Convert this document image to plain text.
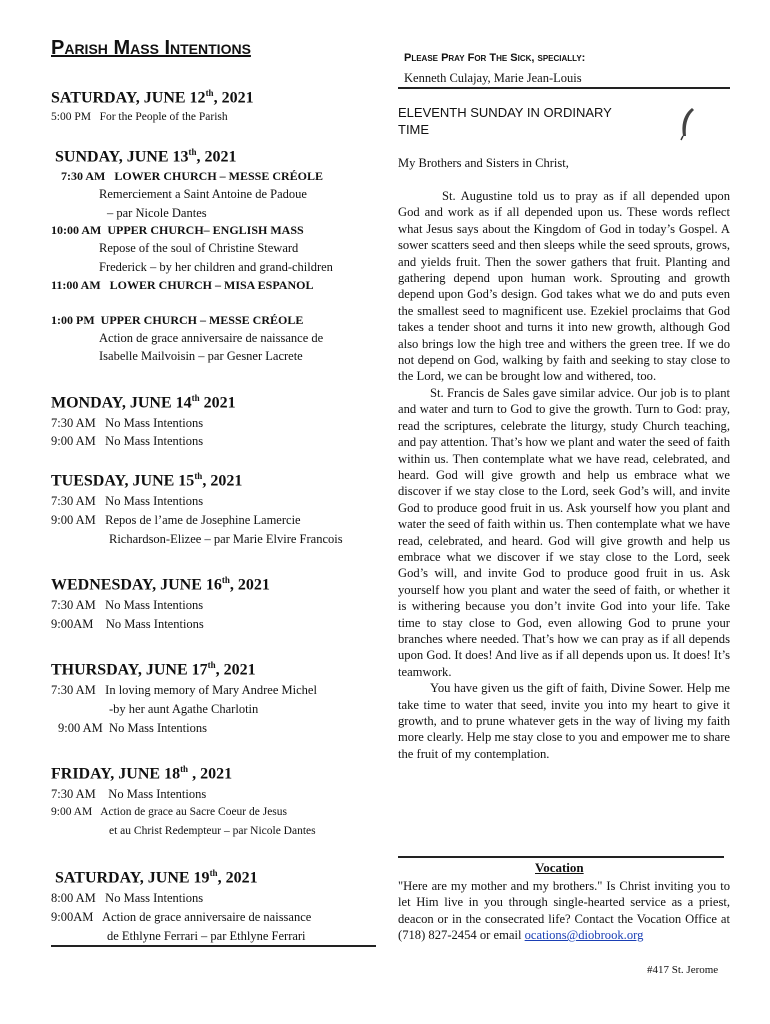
Parish Mass Intentions
SATURDAY, JUNE 12th, 2021
5:00 PM   For the People of the Parish
SUNDAY, JUNE 13th, 2021
7:30 AM   LOWER CHURCH – MESSE CRÉOLE
Remerciement a Saint Antoine de Padoue
– par Nicole Dantes
10:00 AM  UPPER CHURCH– ENGLISH MASS
Repose of the soul of Christine Steward
Frederick – by her children and grand-children
11:00 AM   LOWER CHURCH – MISA ESPANOL
1:00 PM  UPPER CHURCH – MESSE CRÉOLE
Action de grace anniversaire de naissance de
Isabelle Mailvoisin – par Gesner Lacrete
MONDAY, JUNE 14th 2021
7:30 AM   No Mass Intentions
9:00 AM   No Mass Intentions
TUESDAY, JUNE 15th, 2021
7:30 AM   No Mass Intentions
9:00 AM   Repos de l’ame de Josephine Lamercie
Richardson-Elizee – par Marie Elvire Francois
WEDNESDAY, JUNE 16th, 2021
7:30 AM   No Mass Intentions
9:00AM    No Mass Intentions
THURSDAY, JUNE 17th, 2021
7:30 AM   In loving memory of Mary Andree Michel
-by her aunt Agathe Charlotin
9:00 AM  No Mass Intentions
FRIDAY, JUNE 18th , 2021
7:30 AM    No Mass Intentions
9:00 AM   Action de grace au Sacre Coeur de Jesus
et au Christ Redempteur – par Nicole Dantes
SATURDAY, JUNE 19th, 2021
8:00 AM   No Mass Intentions
9:00AM   Action de grace anniversaire de naissance
de Ethlyne Ferrari – par Ethlyne Ferrari
Please Pray For The Sick, specially:
Kenneth Culajay, Marie Jean-Louis
ELEVENTH SUNDAY IN ORDINARY
TIME
My Brothers and Sisters in Christ,

St. Augustine told us to pray as if all depended upon God and work as if all depended upon us. These words reflect what Jesus says about the Kingdom of God in today’s Gospel. A sower scatters seed and then sleeps while the seed sprouts, grows, and yields fruit. Then the sower gathers that fruit. Planting and gathering depend upon human work. Sprouting and growth depend upon God’s design. God takes what we do and puts even the smallest seed to magnificent use. Ezekiel proclaims that God takes a tender shoot and turns it into new growth, although God also brings low the high tree and withers the green tree. If we do not depend on God, walking by faith and seeking to stay close to the Lord, we can be brought low and withered, too.

St. Francis de Sales gave similar advice. Our job is to plant and water and turn to God to give the growth. Turn to God: pray, read the scriptures, celebrate the liturgy, study Church teaching, and pay attention. That’s how we plant and water the seed of faith within us. Then contemplate what we have read, celebrated, and heard. God will give growth and help us embrace what we discover if we stay close to the Lord, seek God’s will, and invite God to produce good fruit in us. Ask yourself how you plant and water the seed of faith within us. Then contemplate what we have read, celebrated, and heard. God will give growth and help us embrace what we discover if we stay close to the Lord, seek God’s will, and invite God to produce good fruit in us. Ask yourself how you plant and water the seed of faith, or whether it is withering because you don’t invite God into your life. Take time to stay close to God, even allowing God to prune your branches where needed. That’s how we can pray as if all depends upon God. It does! And live as if all depends upon us. It does! It’s teamwork.

You have given us the gift of faith, Divine Sower. Help me take time to water that seed, invite you into my heart to give it growth, and to prune whatever gets in the way of living my faith more clearly. Help me stay close to you and empower me to share the fruit of my contemplation.

Vocation
"Here are my mother and my brothers." Is Christ inviting you to let Him live in you through single-hearted service as a priest, deacon or in the consecrated life? Contact the Vocation Office at (718) 827-2454 or email ocations@diobrook.org
#417 St. Jerome
